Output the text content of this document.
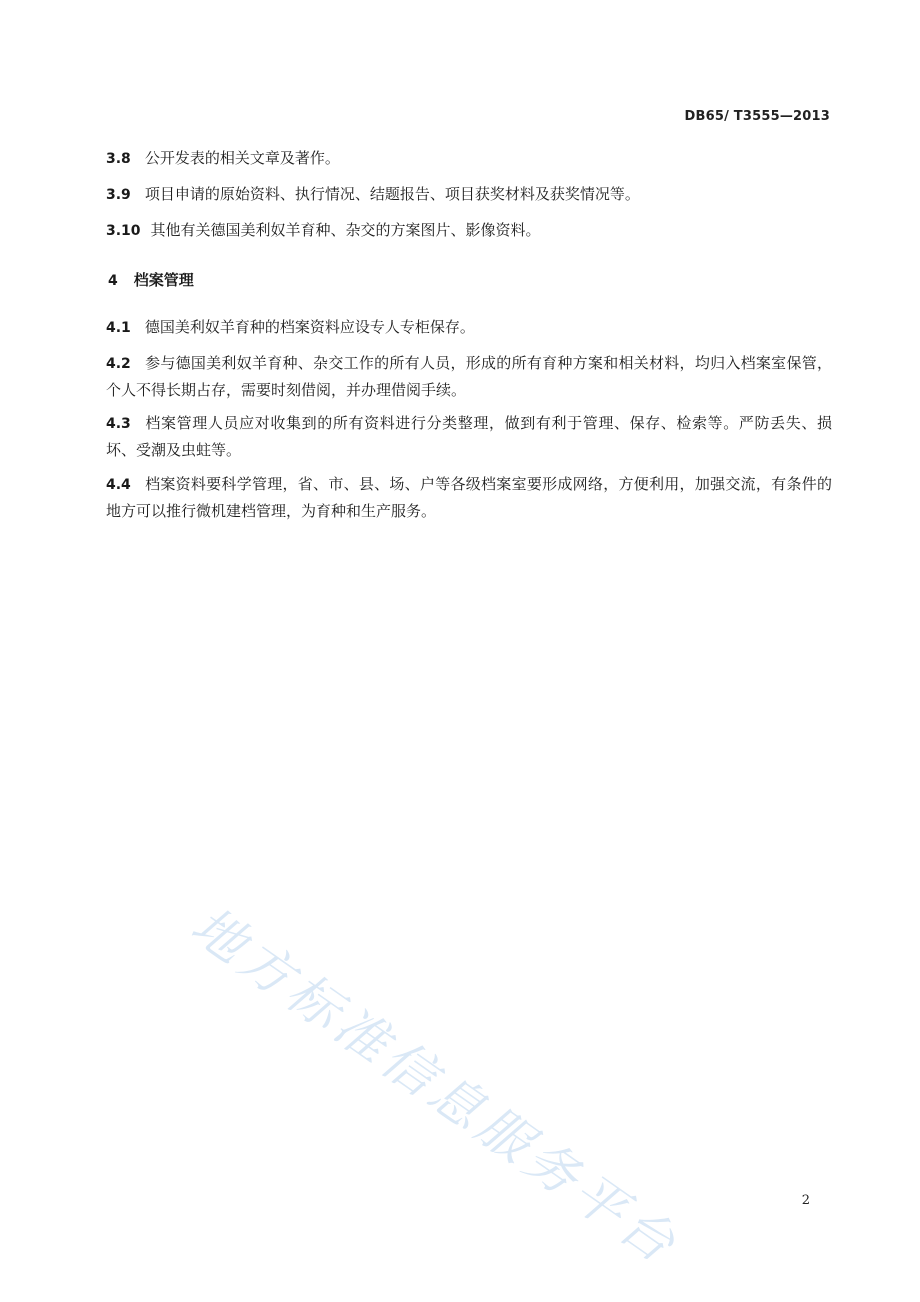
DB65/ T3555—2013
3.8 公开发表的相关文章及著作。
3.9 项目申请的原始资料、执行情况、结题报告、项目获奖材料及获奖情况等。
3.10 其他有关德国美利奴羊育种、杂交的方案图片、影像资料。
4 档案管理
4.1 德国美利奴羊育种的档案资料应设专人专柜保存。
4.2 参与德国美利奴羊育种、杂交工作的所有人员，形成的所有育种方案和相关材料，均归入档案室保管，个人不得长期占存，需要时刻借阅，并办理借阅手续。
4.3 档案管理人员应对收集到的所有资料进行分类整理，做到有利于管理、保存、检索等。严防丢失、损坏、受潮及虫蛀等。
4.4 档案资料要科学管理，省、市、县、场、户等各级档案室要形成网络，方便利用，加强交流，有条件的地方可以推行微机建档管理，为育种和生产服务。
地方标准信息服务平台	2
